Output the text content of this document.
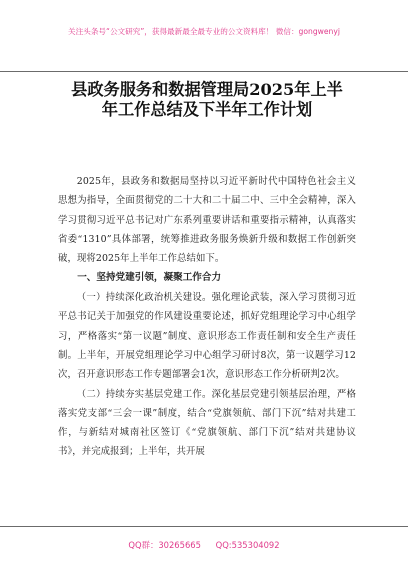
关注头条号“公文研究”，获得最新最全最专业的公文资料库！ 微信：gongwenyj
县政务服务和数据管理局2025年上半
年工作总结及下半年工作计划

2025年，县政务和数据局坚持以习近平新时代中国特色社会主义思想为指导，全面贯彻党的二十大和二十届二中、三中全会精神，深入学习贯彻习近平总书记对广东系列重要讲话和重要指示精神，认真落实省委“1310”具体部署，统筹推进政务服务焕新升级和数据工作创新突破，现将2025年上半年工作总结如下。

一、坚持党建引领，凝聚工作合力

（一）持续深化政治机关建设。强化理论武装，深入学习贯彻习近平总书记关于加强党的作风建设重要论述，抓好党组理论学习中心组学习，严格落实“第一议题”制度、意识形态工作责任制和安全生产责任制。上半年，开展党组理论学习中心组学习研讨8次，第一议题学习12次，召开意识形态工作专题部署会1次，意识形态工作分析研判2次。

（二）持续夯实基层党建工作。深化基层党建引领基层治理，严格落实党支部“三会一课”制度，结合“党旗领航、部门下沉”结对共建工作，与新结对城南社区签订《“党旗领航、部门下沉”结对共建协议书》，并完成报到；上半年，共开展

QQ群：30265665 QQ:535304092
